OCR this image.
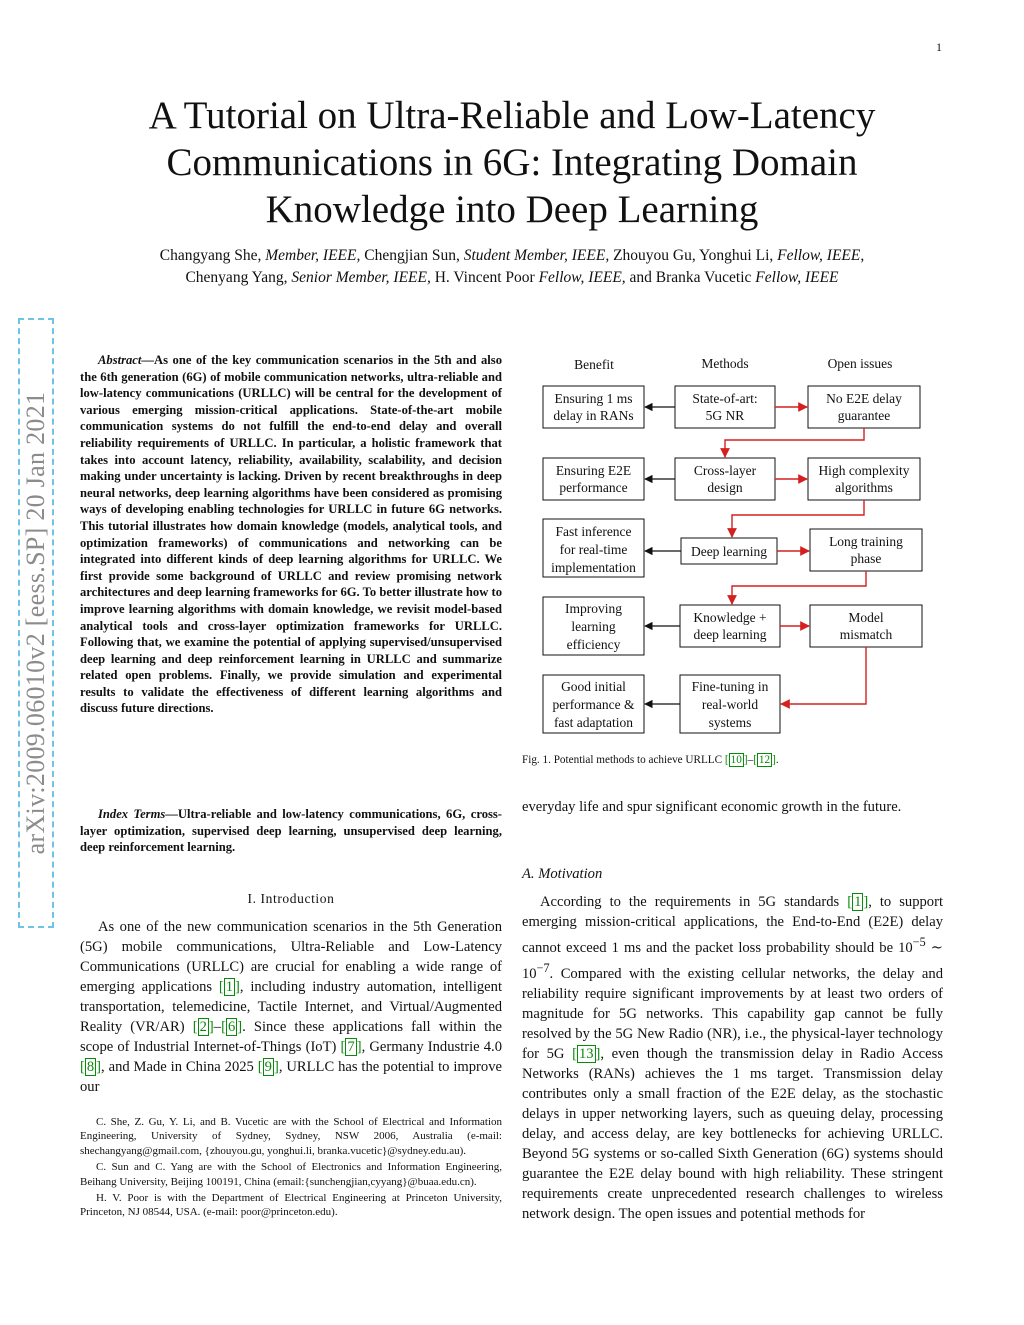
1
arXiv:2009.06010v2 [eess.SP] 20 Jan 2021
A Tutorial on Ultra-Reliable and Low-Latency Communications in 6G: Integrating Domain Knowledge into Deep Learning
Changyang She, Member, IEEE, Chengjian Sun, Student Member, IEEE, Zhouyou Gu, Yonghui Li, Fellow, IEEE,
Chenyang Yang, Senior Member, IEEE, H. Vincent Poor Fellow, IEEE, and Branka Vucetic Fellow, IEEE
Abstract—As one of the key communication scenarios in the 5th and also the 6th generation (6G) of mobile communication networks, ultra-reliable and low-latency communications (URLLC) will be central for the development of various emerging mission-critical applications. State-of-the-art mobile communication systems do not fulfill the end-to-end delay and overall reliability requirements of URLLC. In particular, a holistic framework that takes into account latency, reliability, availability, scalability, and decision making under uncertainty is lacking. Driven by recent breakthroughs in deep neural networks, deep learning algorithms have been considered as promising ways of developing enabling technologies for URLLC in future 6G networks. This tutorial illustrates how domain knowledge (models, analytical tools, and optimization frameworks) of communications and networking can be integrated into different kinds of deep learning algorithms for URLLC. We first provide some background of URLLC and review promising network architectures and deep learning frameworks for 6G. To better illustrate how to improve learning algorithms with domain knowledge, we revisit model-based analytical tools and cross-layer optimization frameworks for URLLC. Following that, we examine the potential of applying supervised/unsupervised deep learning and deep reinforcement learning in URLLC and summarize related open problems. Finally, we provide simulation and experimental results to validate the effectiveness of different learning algorithms and discuss future directions.
Index Terms—Ultra-reliable and low-latency communications, 6G, cross-layer optimization, supervised deep learning, unsupervised deep learning, deep reinforcement learning.
I. Introduction
As one of the new communication scenarios in the 5th Generation (5G) mobile communications, Ultra-Reliable and Low-Latency Communications (URLLC) are crucial for enabling a wide range of emerging applications [ 1 ], including industry automation, intelligent transportation, telemedicine, Tactile Internet, and Virtual/Augmented Reality (VR/AR) [ 2 ]–[ 6 ]. Since these applications fall within the scope of Industrial Internet-of-Things (IoT) [ 7 ], Germany Industrie 4.0 [ 8 ], and Made in China 2025 [ 9 ], URLLC has the potential to improve our

C. She, Z. Gu, Y. Li, and B. Vucetic are with the School of Electrical and Information Engineering, University of Sydney, Sydney, NSW 2006, Australia (e-mail: shechangyang@gmail.com, {zhouyou.gu, yonghui.li, branka.vucetic}@sydney.edu.au).

C. Sun and C. Yang are with the School of Electronics and Information Engineering, Beihang University, Beijing 100191, China (email:{sunchengjian,cyyang}@buaa.edu.cn).

H. V. Poor is with the Department of Electrical Engineering at Princeton University, Princeton, NJ 08544, USA. (e-mail: poor@princeton.edu).

Benefit	Methods	Open issues
Ensuring 1 ms
delay in RANs
Ensuring E2E
performance
Fast inference
for real-time
implementation
Improving
learning
efficiency
Good initial
performance &
fast adaptation
State-of-art:
5G NR
Cross-layer
design
Deep learning
Knowledge +
deep learning
Fine-tuning in
real-world
systems
No E2E delay
guarantee
High complexity
algorithms
Long training
phase
Model
mismatch
Fig. 1. Potential methods to achieve URLLC [ 10 ]–[ 12 ].
everyday life and spur significant economic growth in the future.
A. Motivation
According to the requirements in 5G standards [ 1 ], to support emerging mission-critical applications, the End-to-End (E2E) delay cannot exceed 1 ms and the packet loss probability should be $10^{-5}$ ∼ $10^{-7}$. Compared with the existing cellular networks, the delay and reliability require significant improvements by at least two orders of magnitude for 5G networks. This capability gap cannot be fully resolved by the 5G New Radio (NR), i.e., the physical-layer technology for 5G [ 13 ], even though the transmission delay in Radio Access Networks (RANs) achieves the 1 ms target. Transmission delay contributes only a small fraction of the E2E delay, as the stochastic delays in upper networking layers, such as queuing delay, processing delay, and access delay, are key bottlenecks for achieving URLLC. Beyond 5G systems or so-called Sixth Generation (6G) systems should guarantee the E2E delay bound with high reliability. These stringent requirements create unprecedented research challenges to wireless network design. The open issues and potential methods for
